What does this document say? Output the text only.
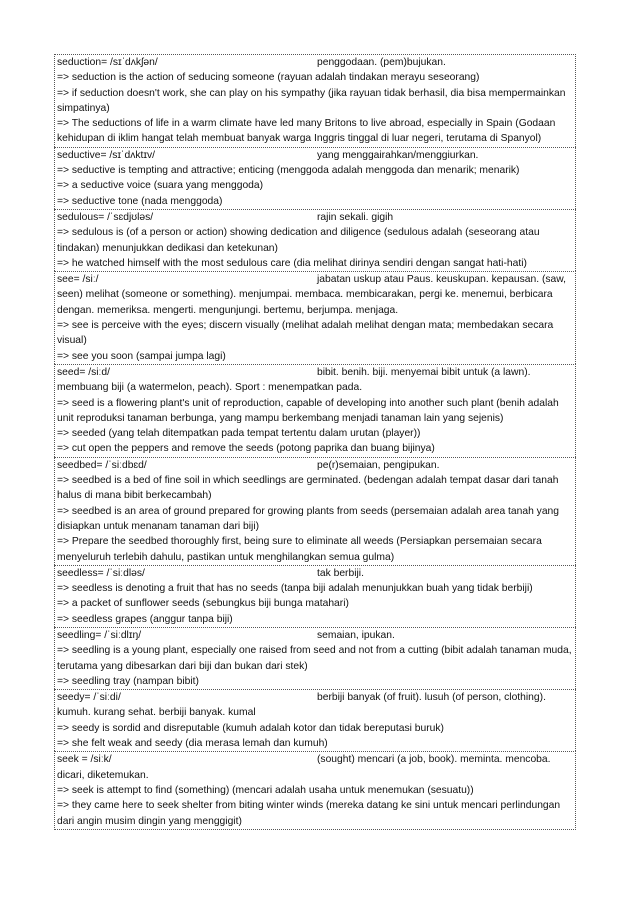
seduction= /sɪˈdʌkʃən/	penggodaan. (pem)bujukan.
=> seduction is the action of seducing someone (rayuan adalah tindakan merayu seseorang)
=> if seduction doesn't work, she can play on his sympathy (jika rayuan tidak berhasil, dia bisa mempermainkan simpatinya)
=> The seductions of life in a warm climate have led many Britons to live abroad, especially in Spain (Godaan kehidupan di iklim hangat telah membuat banyak warga Inggris tinggal di luar negeri, terutama di Spanyol)
seductive= /sɪˈdʌktɪv/	yang menggairahkan/menggiurkan.
=> seductive is tempting and attractive; enticing (menggoda adalah menggoda dan menarik; menarik)
=> a seductive voice (suara yang menggoda)
=> seductive tone (nada menggoda)
sedulous= /ˈsɛdjʊləs/	rajin sekali. gigih
=> sedulous is (of a person or action) showing dedication and diligence (sedulous adalah (seseorang atau tindakan) menunjukkan dedikasi dan ketekunan)
=> he watched himself with the most sedulous care (dia melihat dirinya sendiri dengan sangat hati-hati)
see= /siː/	jabatan uskup atau Paus. keuskupan. kepausan. (saw,
seen) melihat (someone or something). menjumpai. membaca. membicarakan, pergi ke. menemui, berbicara dengan. memeriksa. mengerti. mengunjungi. bertemu, berjumpa. menjaga.
=> see is perceive with the eyes; discern visually (melihat adalah melihat dengan mata; membedakan secara visual)
=> see you soon (sampai jumpa lagi)
seed= /siːd/	bibit. benih. biji. menyemai bibit untuk (a lawn).
membuang biji (a watermelon, peach). Sport : menempatkan pada.
=> seed is a flowering plant's unit of reproduction, capable of developing into another such plant (benih adalah unit reproduksi tanaman berbunga, yang mampu berkembang menjadi tanaman lain yang sejenis)
=> seeded (yang telah ditempatkan pada tempat tertentu dalam urutan (player))
=> cut open the peppers and remove the seeds (potong paprika dan buang bijinya)
seedbed= /ˈsiːdbɛd/	pe(r)semaian, pengipukan.
=> seedbed is a bed of fine soil in which seedlings are germinated. (bedengan adalah tempat dasar dari tanah halus di mana bibit berkecambah)
=> seedbed is an area of ground prepared for growing plants from seeds (persemaian adalah area tanah yang disiapkan untuk menanam tanaman dari biji)
=> Prepare the seedbed thoroughly first, being sure to eliminate all weeds (Persiapkan persemaian secara menyeluruh terlebih dahulu, pastikan untuk menghilangkan semua gulma)
seedless= /ˈsiːdləs/	tak berbiji.
=> seedless is denoting a fruit that has no seeds (tanpa biji adalah menunjukkan buah yang tidak berbiji)
=> a packet of sunflower seeds (sebungkus biji bunga matahari)
=> seedless grapes (anggur tanpa biji)
seedling= /ˈsiːdlɪŋ/	semaian, ipukan.
=> seedling is a young plant, especially one raised from seed and not from a cutting (bibit adalah tanaman muda, terutama yang dibesarkan dari biji dan bukan dari stek)
=> seedling tray (nampan bibit)
seedy= /ˈsiːdi/	berbiji banyak (of fruit). lusuh (of person, clothing).
kumuh. kurang sehat. berbiji banyak. kumal
=> seedy is sordid and disreputable (kumuh adalah kotor dan tidak bereputasi buruk)
=> she felt weak and seedy (dia merasa lemah dan kumuh)
seek = /siːk/	(sought) mencari (a job, book). meminta. mencoba.
dicari, diketemukan.
=> seek is attempt to find (something) (mencari adalah usaha untuk menemukan (sesuatu))
=> they came here to seek shelter from biting winter winds (mereka datang ke sini untuk mencari perlindungan dari angin musim dingin yang menggigit)
